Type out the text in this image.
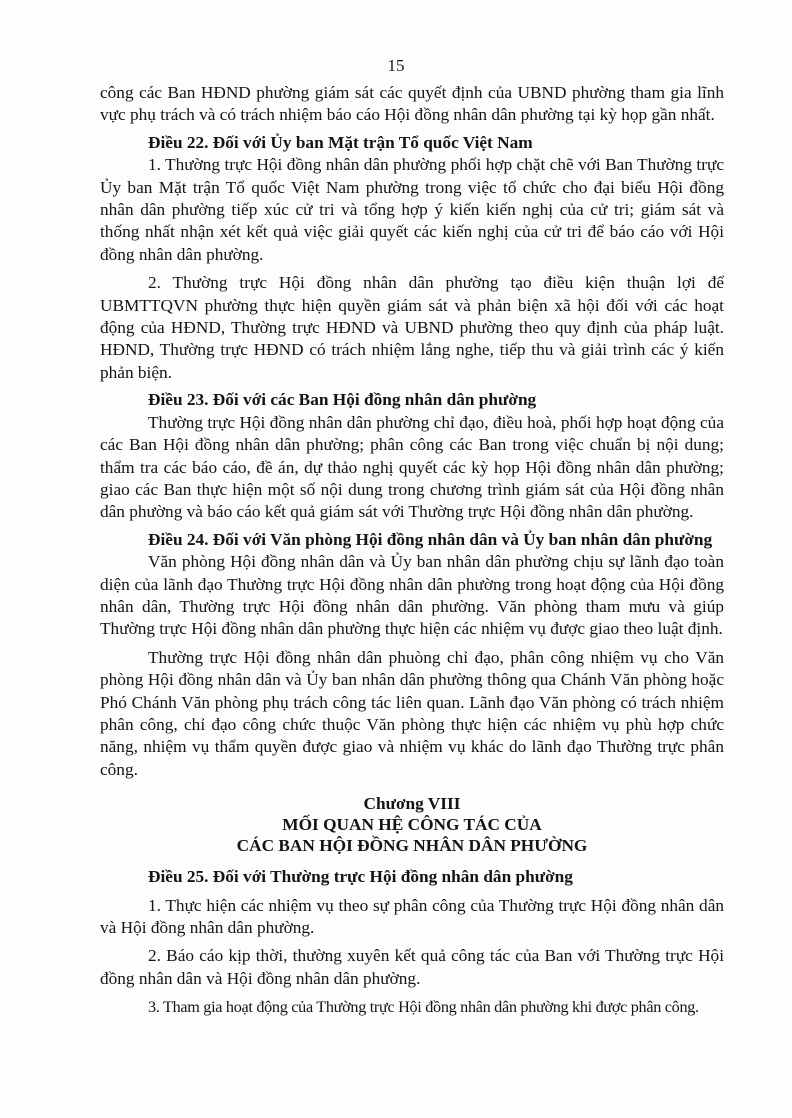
15

công các Ban HĐND phường giám sát các quyết định của UBND phường tham gia lĩnh vực phụ trách và có trách nhiệm báo cáo Hội đồng nhân dân phường tại kỳ họp gần nhất.

Điều 22. Đối với Ủy ban Mặt trận Tổ quốc Việt Nam

1. Thường trực Hội đồng nhân dân phường phối hợp chặt chẽ với Ban Thường trực Ủy ban Mặt trận Tổ quốc Việt Nam phường trong việc tổ chức cho đại biểu Hội đồng nhân dân phường tiếp xúc cử tri và tổng hợp ý kiến kiến nghị của cử tri; giám sát và thống nhất nhận xét kết quả việc giải quyết các kiến nghị của cử tri để báo cáo với Hội đồng nhân dân phường.

2. Thường trực Hội đồng nhân dân phường tạo điều kiện thuận lợi để UBMTTQVN phường thực hiện quyền giám sát và phản biện xã hội đối với các hoạt động của HĐND, Thường trực HĐND và UBND phường theo quy định của pháp luật. HĐND, Thường trực HĐND có trách nhiệm lắng nghe, tiếp thu và giải trình các ý kiến phản biện.

Điều 23. Đối với các Ban Hội đồng nhân dân phường

Thường trực Hội đồng nhân dân phường chỉ đạo, điều hoà, phối hợp hoạt động của các Ban Hội đồng nhân dân phường; phân công các Ban trong việc chuẩn bị nội dung; thẩm tra các báo cáo, đề án, dự thảo nghị quyết các kỳ họp Hội đồng nhân dân phường; giao các Ban thực hiện một số nội dung trong chương trình giám sát của Hội đồng nhân dân phường và báo cáo kết quả giám sát với Thường trực Hội đồng nhân dân phường.

Điều 24. Đối với Văn phòng Hội đồng nhân dân và Ủy ban nhân dân phường

Văn phòng Hội đồng nhân dân và Ủy ban nhân dân phường chịu sự lãnh đạo toàn diện của lãnh đạo Thường trực Hội đồng nhân dân phường trong hoạt động của Hội đồng nhân dân, Thường trực Hội đồng nhân dân phường. Văn phòng tham mưu và giúp Thường trực Hội đồng nhân dân phường thực hiện các nhiệm vụ được giao theo luật định.

Thường trực Hội đồng nhân dân phuòng chỉ đạo, phân công nhiệm vụ cho Văn phòng Hội đồng nhân dân và Ủy ban nhân dân phường thông qua Chánh Văn phòng hoặc Phó Chánh Văn phòng phụ trách công tác liên quan. Lãnh đạo Văn phòng có trách nhiệm phân công, chỉ đạo công chức thuộc Văn phòng thực hiện các nhiệm vụ phù hợp chức năng, nhiệm vụ thẩm quyền được giao và nhiệm vụ khác do lãnh đạo Thường trực phân công.

Chương VIII
MỐI QUAN HỆ CÔNG TÁC CỦA
CÁC BAN HỘI ĐỒNG NHÂN DÂN PHƯỜNG
Điều 25. Đối với Thường trực Hội đồng nhân dân phường

1. Thực hiện các nhiệm vụ theo sự phân công của Thường trực Hội đồng nhân dân và Hội đồng nhân dân phường.

2. Báo cáo kịp thời, thường xuyên kết quả công tác của Ban với Thường trực Hội đồng nhân dân và Hội đồng nhân dân phường.

3. Tham gia hoạt động của Thường trực Hội đồng nhân dân phường khi được phân công.
